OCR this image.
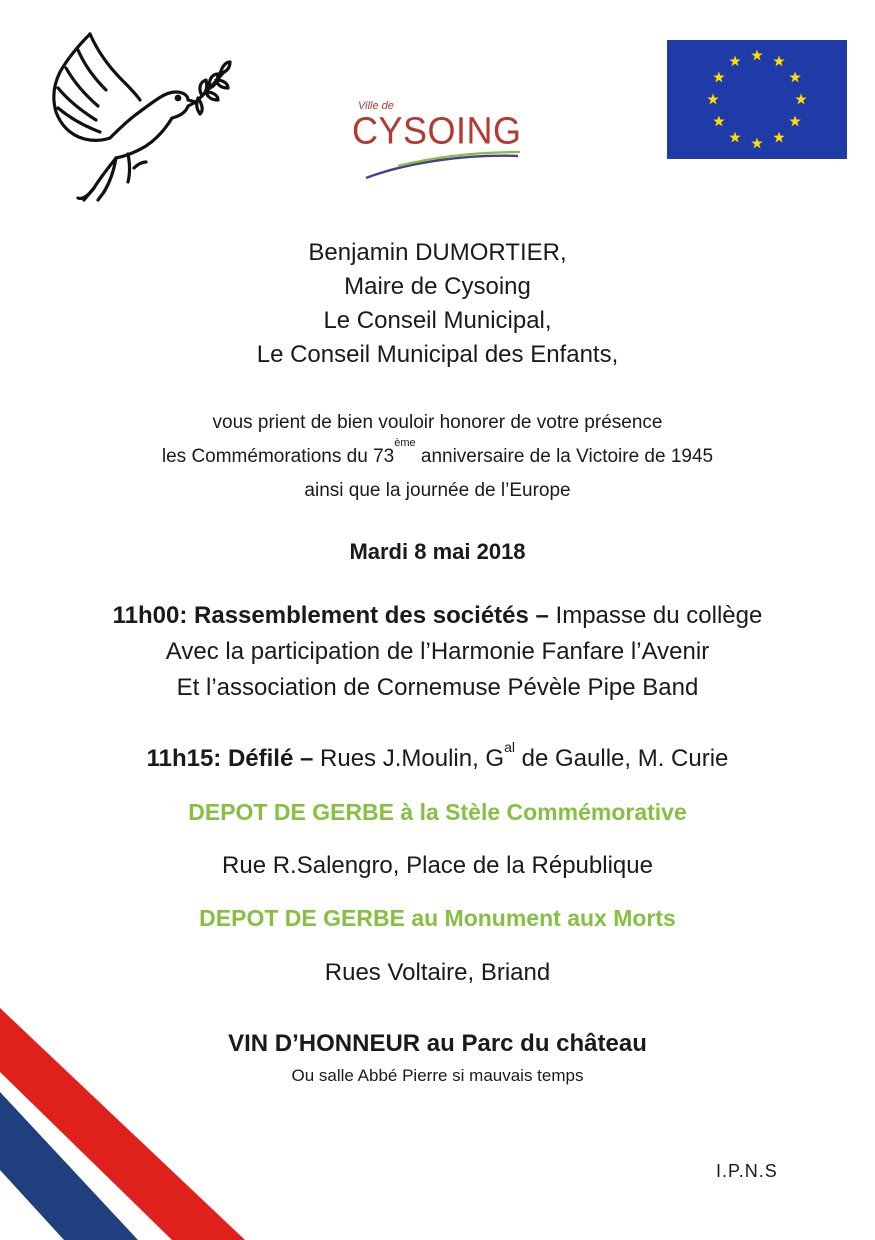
Ville de
CYSOING
Benjamin DUMORTIER,
Maire de Cysoing
Le Conseil Municipal,
Le Conseil Municipal des Enfants,
vous prient de bien vouloir honorer de votre présence
les Commémorations du 73ème anniversaire de la Victoire de 1945
ainsi que la journée de l’Europe
Mardi 8 mai 2018
11h00: Rassemblement des sociétés – Impasse du collège
Avec la participation de l’Harmonie Fanfare l’Avenir
Et l’association de Cornemuse Pévèle Pipe Band
11h15: Défilé – Rues J.Moulin, $G^{al}$ de Gaulle, M. Curie
DEPOT DE GERBE à la Stèle Commémorative
Rue R.Salengro, Place de la République
DEPOT DE GERBE au Monument aux Morts
Rues Voltaire, Briand
VIN D’HONNEUR au Parc du château
Ou salle Abbé Pierre si mauvais temps
I.P.N.S
